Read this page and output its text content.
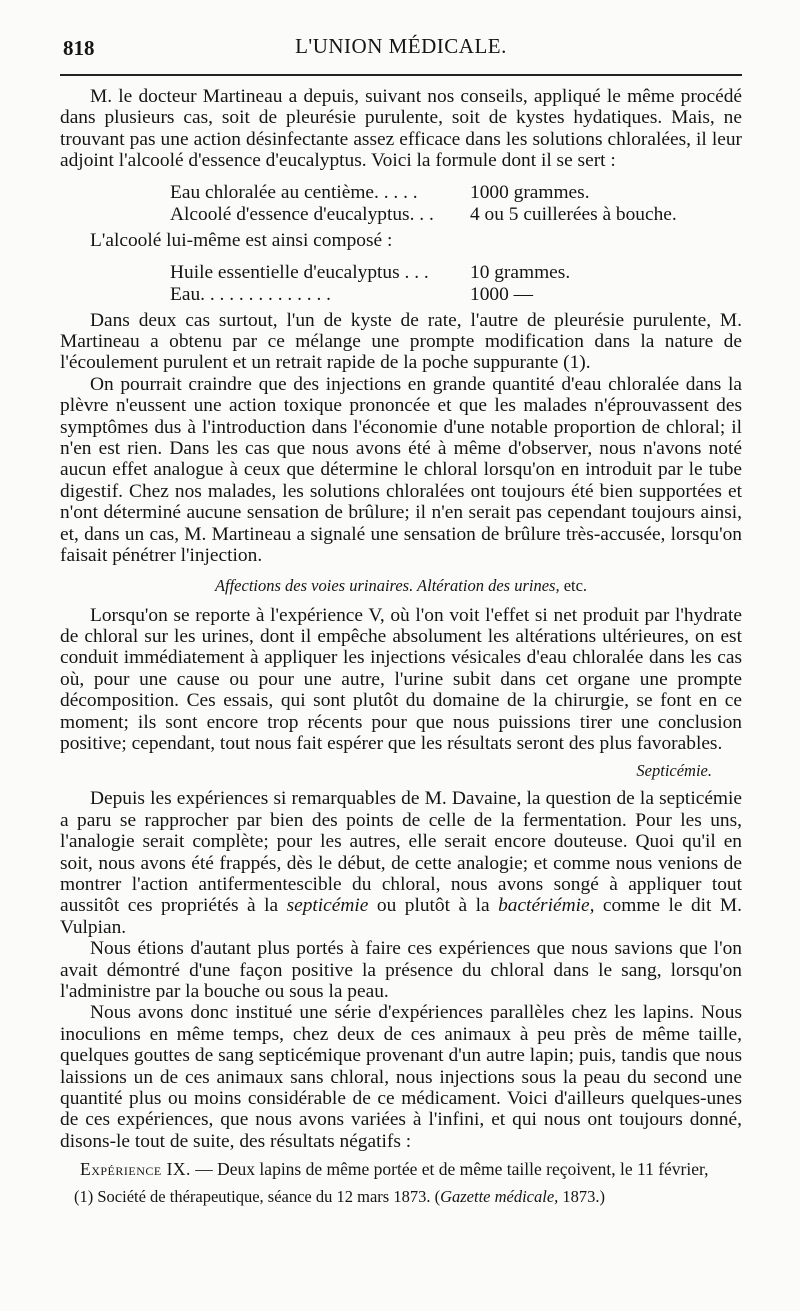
818	L'UNION MÉDICALE.

M. le docteur Martineau a depuis, suivant nos conseils, appliqué le même procédé dans plusieurs cas, soit de pleurésie purulente, soit de kystes hydatiques. Mais, ne trouvant pas une action désinfectante assez efficace dans les solutions chloralées, il leur adjoint l'alcoolé d'essence d'eucalyptus. Voici la formule dont il se sert :

Eau chloralée au centième. . . . .	1000 grammes.
Alcoolé d'essence d'eucalyptus. . .	4 ou 5 cuillerées à bouche.
L'alcoolé lui-même est ainsi composé :
Huile essentielle d'eucalyptus . . .	10 grammes.
Eau. . . . . . . . . . . . . .	1000 —

Dans deux cas surtout, l'un de kyste de rate, l'autre de pleurésie purulente, M. Martineau a obtenu par ce mélange une prompte modification dans la nature de l'écoulement purulent et un retrait rapide de la poche suppurante (1).

On pourrait craindre que des injections en grande quantité d'eau chloralée dans la plèvre n'eussent une action toxique prononcée et que les malades n'éprouvassent des symptômes dus à l'introduction dans l'économie d'une notable proportion de chloral; il n'en est rien. Dans les cas que nous avons été à même d'observer, nous n'avons noté aucun effet analogue à ceux que détermine le chloral lorsqu'on en introduit par le tube digestif. Chez nos malades, les solutions chloralées ont toujours été bien supportées et n'ont déterminé aucune sensation de brûlure; il n'en serait pas cependant toujours ainsi, et, dans un cas, M. Martineau a signalé une sensation de brûlure très-accusée, lorsqu'on faisait pénétrer l'injection.

Affections des voies urinaires. Altération des urines, etc.

Lorsqu'on se reporte à l'expérience V, où l'on voit l'effet si net produit par l'hydrate de chloral sur les urines, dont il empêche absolument les altérations ultérieures, on est conduit immédiatement à appliquer les injections vésicales d'eau chloralée dans les cas où, pour une cause ou pour une autre, l'urine subit dans cet organe une prompte décomposition. Ces essais, qui sont plutôt du domaine de la chirurgie, se font en ce moment; ils sont encore trop récents pour que nous puissions tirer une conclusion positive; cependant, tout nous fait espérer que les résultats seront des plus favorables.

Septicémie.

Depuis les expériences si remarquables de M. Davaine, la question de la septicémie a paru se rapprocher par bien des points de celle de la fermentation. Pour les uns, l'analogie serait complète; pour les autres, elle serait encore douteuse. Quoi qu'il en soit, nous avons été frappés, dès le début, de cette analogie; et comme nous venions de montrer l'action antifermentescible du chloral, nous avons songé à appliquer tout aussitôt ces propriétés à la septicémie ou plutôt à la bactériémie, comme le dit M. Vulpian.

Nous étions d'autant plus portés à faire ces expériences que nous savions que l'on avait démontré d'une façon positive la présence du chloral dans le sang, lorsqu'on l'administre par la bouche ou sous la peau.

Nous avons donc institué une série d'expériences parallèles chez les lapins. Nous inoculions en même temps, chez deux de ces animaux à peu près de même taille, quelques gouttes de sang septicémique provenant d'un autre lapin; puis, tandis que nous laissions un de ces animaux sans chloral, nous injections sous la peau du second une quantité plus ou moins considérable de ce médicament. Voici d'ailleurs quelques-unes de ces expériences, que nous avons variées à l'infini, et qui nous ont toujours donné, disons-le tout de suite, des résultats négatifs :

Expérience IX. — Deux lapins de même portée et de même taille reçoivent, le 11 février,
(1) Société de thérapeutique, séance du 12 mars 1873. (Gazette médicale, 1873.)
